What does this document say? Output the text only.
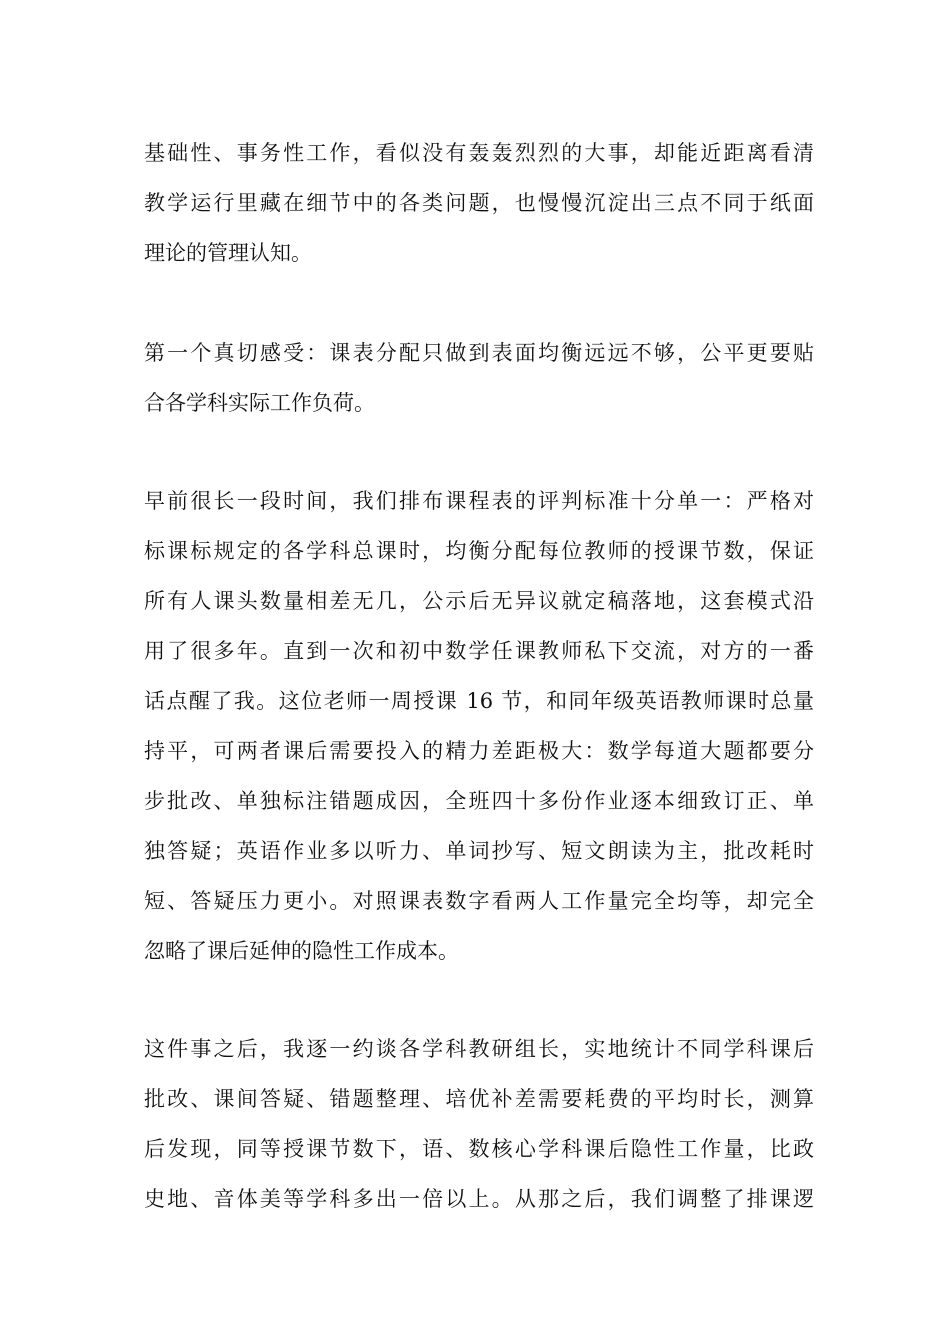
基础性、事务性工作，看似没有轰轰烈烈的大事，却能近距离看清
教学运行里藏在细节中的各类问题，也慢慢沉淀出三点不同于纸面
理论的管理认知。
第一个真切感受：课表分配只做到表面均衡远远不够，公平更要贴
合各学科实际工作负荷。
早前很长一段时间，我们排布课程表的评判标准十分单一：严格对
标课标规定的各学科总课时，均衡分配每位教师的授课节数，保证
所有人课头数量相差无几，公示后无异议就定稿落地，这套模式沿
用了很多年。直到一次和初中数学任课教师私下交流，对方的一番
话点醒了我。这位老师一周授课 16 节，和同年级英语教师课时总量
持平，可两者课后需要投入的精力差距极大：数学每道大题都要分
步批改、单独标注错题成因，全班四十多份作业逐本细致订正、单
独答疑；英语作业多以听力、单词抄写、短文朗读为主，批改耗时
短、答疑压力更小。对照课表数字看两人工作量完全均等，却完全
忽略了课后延伸的隐性工作成本。
这件事之后，我逐一约谈各学科教研组长，实地统计不同学科课后
批改、课间答疑、错题整理、培优补差需要耗费的平均时长，测算
后发现，同等授课节数下，语、数核心学科课后隐性工作量，比政
史地、音体美等学科多出一倍以上。从那之后，我们调整了排课逻
